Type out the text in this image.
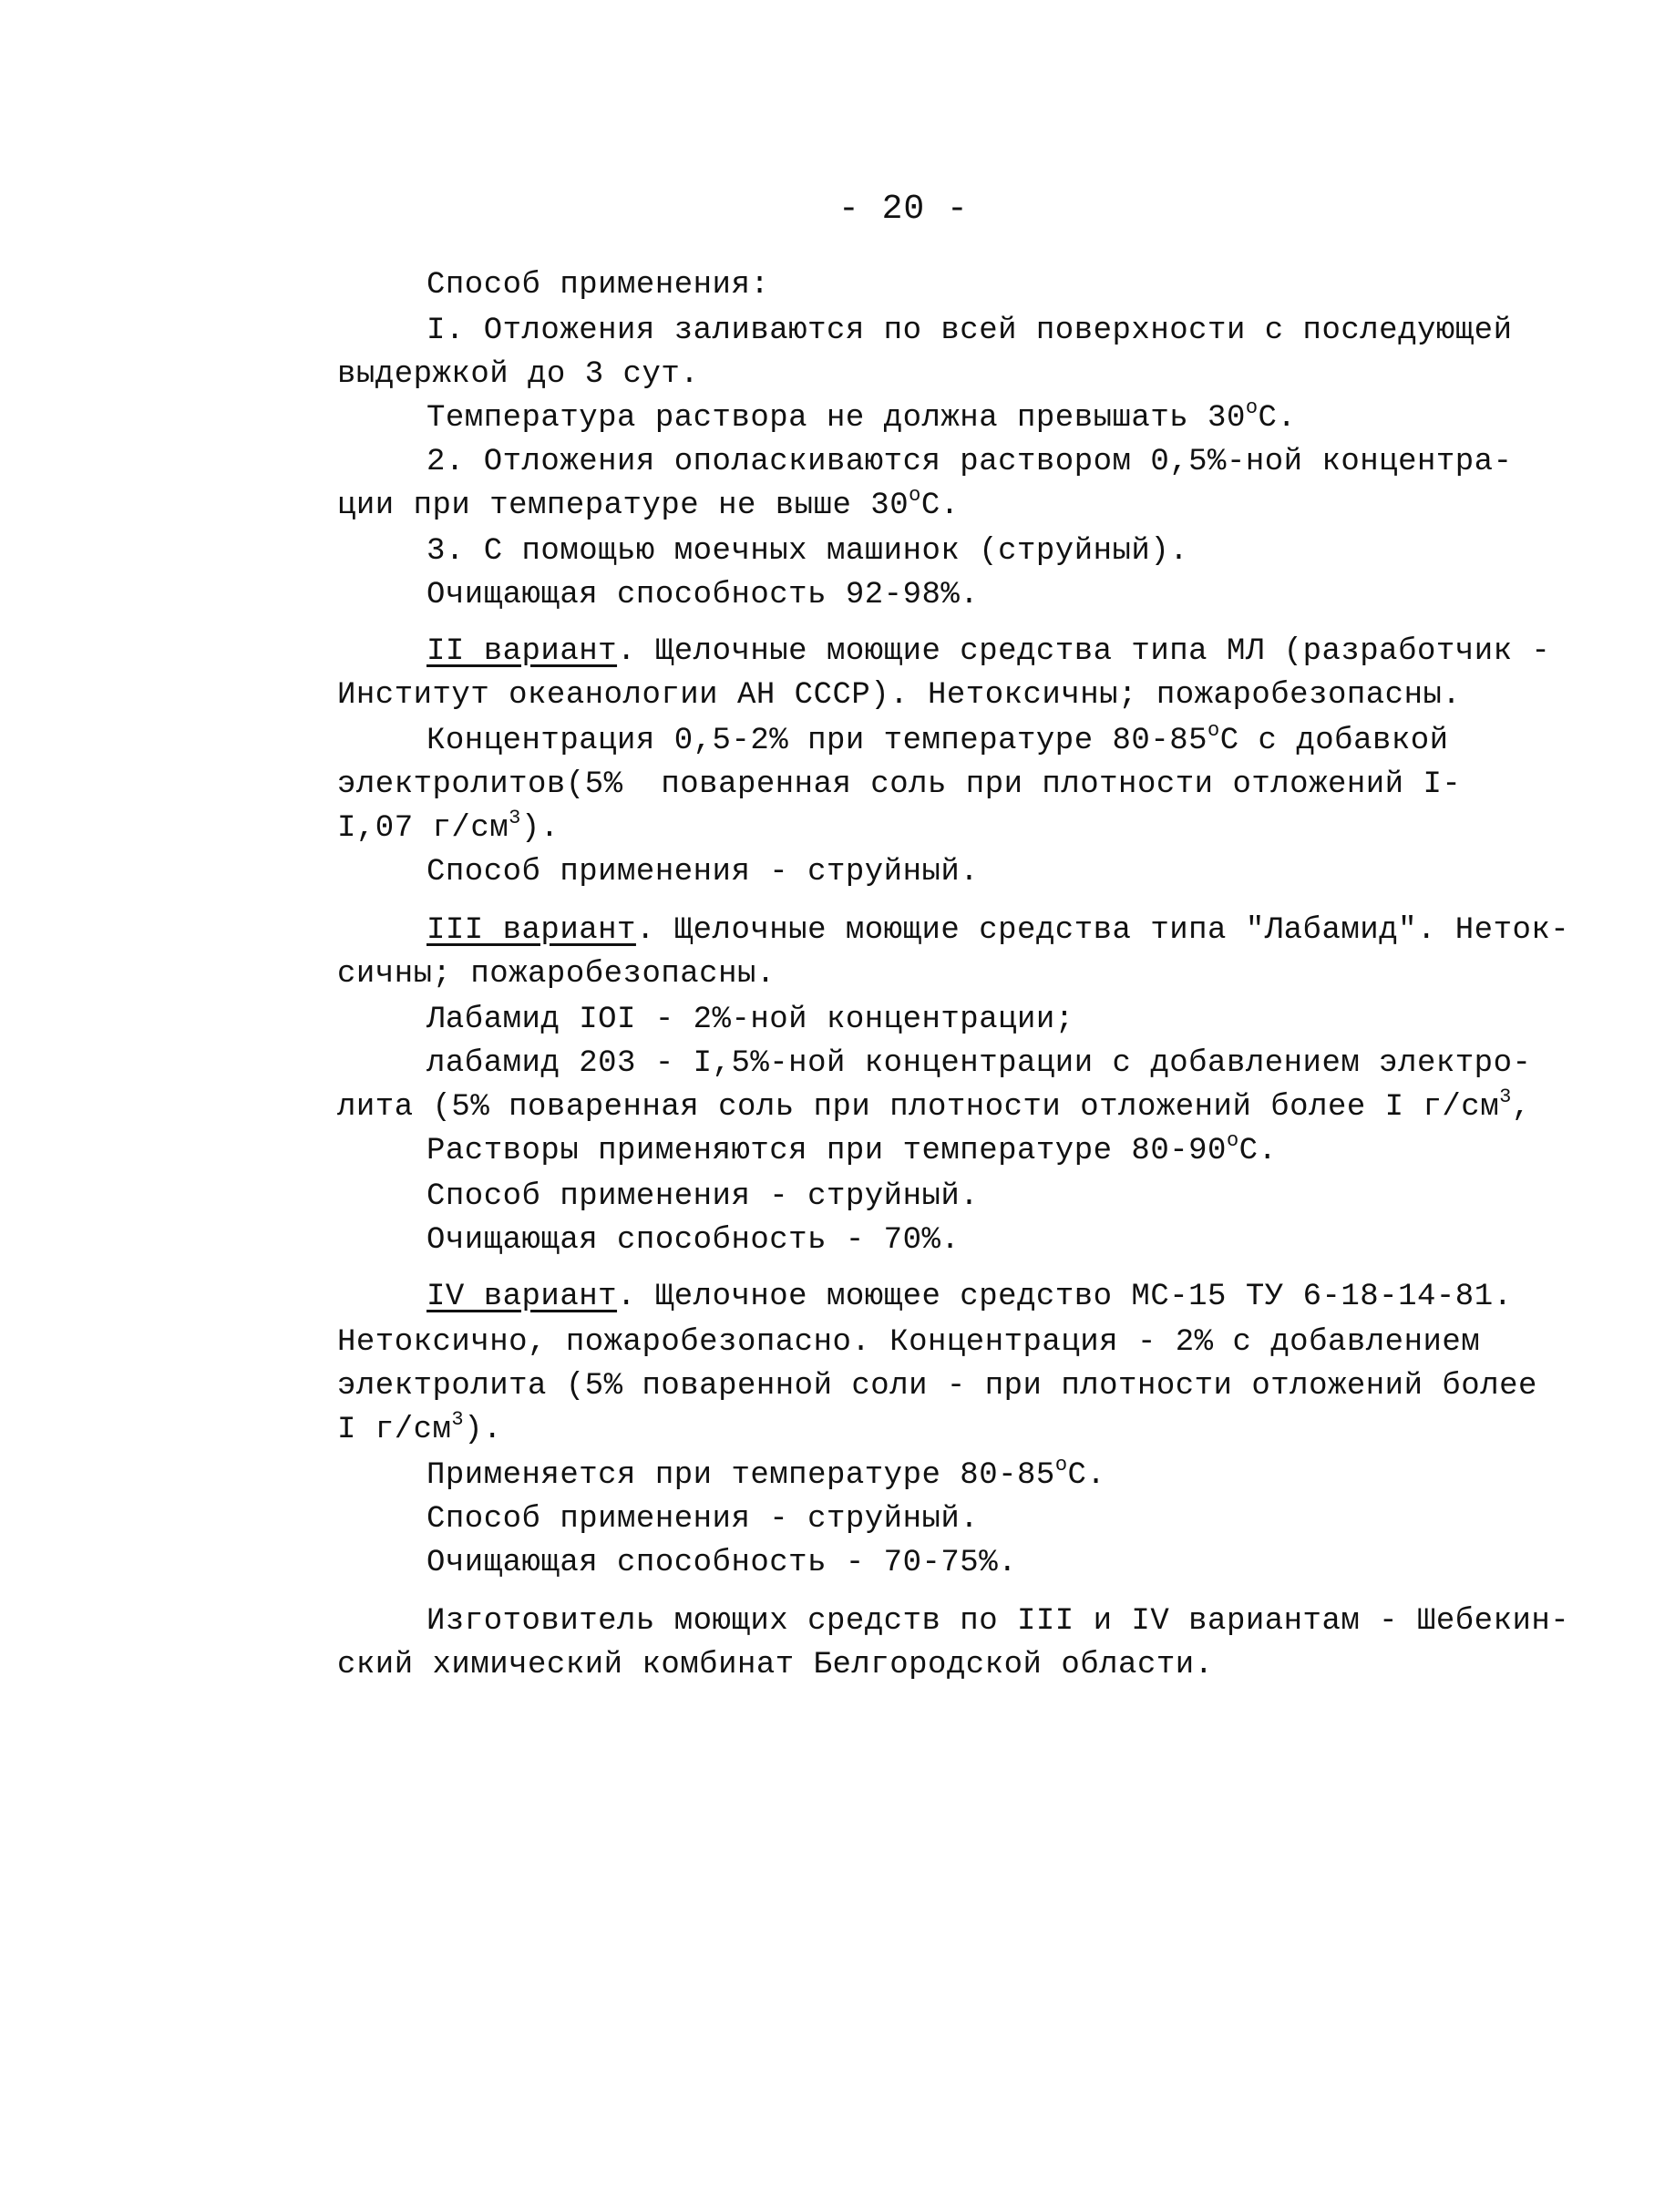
- 20 -
Способ применения:
I. Отложения заливаются по всей поверхности с последующей
выдержкой до 3 сут.
Температура раствора не должна превышать $30^оС$.
2. Отложения ополаскиваются раствором 0,5%-ной концентра-
ции при температуре не выше $30^оС$.
3. С помощью моечных машинок (струйный).
Очищающая способность 92-98%.
II вариант. Щелочные моющие средства типа МЛ (разработчик -
Институт океанологии АН СССР). Нетоксичны; пожаробезопасны.
Концентрация 0,5-2% при температуре $80-85^оС$ с добавкой
электролитов(5%  поваренная соль при плотности отложений I-
I,07 $г/см^3$).
Способ применения - струйный.
III вариант. Щелочные моющие средства типа "Лабамид". Неток-
сичны; пожаробезопасны.
Лабамид IOI - 2%-ной концентрации;
лабамид 203 - I,5%-ной концентрации с добавлением электро-
лита (5% поваренная соль при плотности отложений более I $г/см^3$,
Растворы применяются при температуре $80-90^оС$.
Способ применения - струйный.
Очищающая способность - 70%.
IV вариант. Щелочное моющее средство МС-15 ТУ 6-18-14-81.
Нетоксично, пожаробезопасно. Концентрация - 2% с добавлением
электролита (5% поваренной соли - при плотности отложений более
I $г/см^3$).
Применяется при температуре $80-85^оС$.
Способ применения - струйный.
Очищающая способность - 70-75%.
Изготовитель моющих средств по III и IV вариантам - Шебекин-
ский химический комбинат Белгородской области.
